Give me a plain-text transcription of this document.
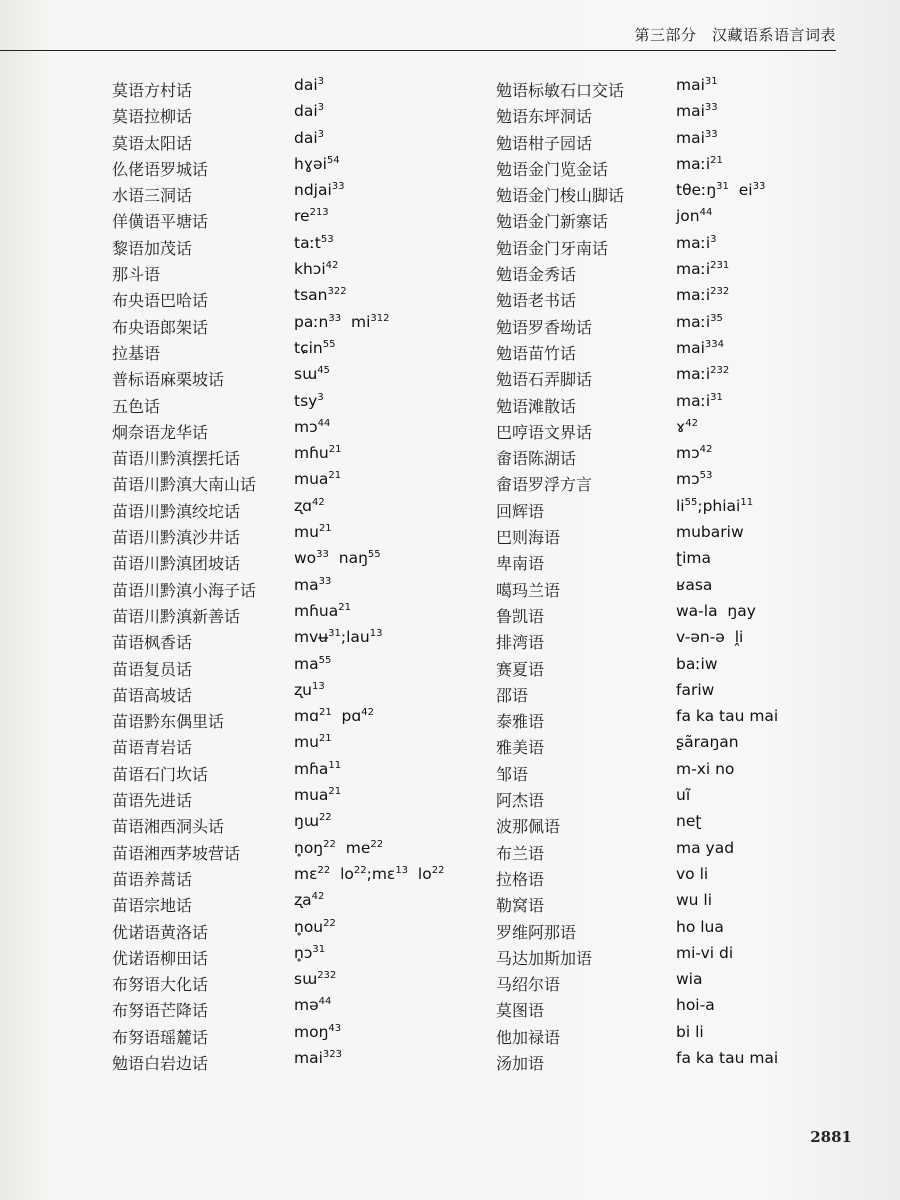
第三部分　汉藏语系语言词表
莫语方村话	dai$^3$
莫语拉柳话	dai$^3$
莫语太阳话	dai$^3$
仫佬语罗城话	hɣəi$^{54}$
水语三洞话	ndjai$^{33}$
佯僙语平塘话	$re^{213}$
黎语加茂话	taːt$^{53}$
那斗语	khɔi$^{42}$
布央语巴哈话	tsan$^{322}$
布央语郎架话	paːn$^{33}$  $mi^{312}$
拉基语	tɕin$^{55}$
普标语麻栗坡话	sɯ$^{45}$
五色话	tsy$^3$
炯奈语龙华话	mɔ$^{44}$
苗语川黔滇摆托话	mɦu$^{21}$
苗语川黔滇大南山话 mua$^{21}$
苗语川黔滇绞坨话	ʐɑ$^{42}$
苗语川黔滇沙井话	$mu^{21}$
苗语川黔滇团坡话	$wo^{33}$  naŋ$^{55}$
苗语川黔滇小海子话 $ma^{33}$
苗语川黔滇新善话	mɦua$^{21}$
苗语枫香话	mvʉ$^{31}$;lau$^{13}$
苗语复员话	$ma^{55}$
苗语高坡话	ʐu$^{13}$
苗语黔东偶里话	mɑ$^{21}$  pɑ$^{42}$
苗语青岩话	$mu^{21}$
苗语石门坎话	mɦa$^{11}$
苗语先进话	mua$^{21}$
苗语湘西洞头话	ŋɯ$^{22}$
苗语湘西茅坡营话	$n̥oŋ^{22}$  $me^{22}$
苗语养蒿话	mɛ$^{22}$  $lo^{22};mɛ^{13}$  $lo^{22}$
苗语宗地话	ʐa$^{42}$
优诺语黄洛话	$n̥ou^{22}$
优诺语柳田话	n̥ɔ$^{31}$
布努语大化话	sɯ$^{232}$
布努语芒降话	mə$^{44}$
布努语瑶麓话	moŋ$^{43}$
勉语白岩边话	mai$^{323}$
勉语标敏石口交话	mai$^{31}$
勉语东坪洞话	mai$^{33}$
勉语柑子园话	mai$^{33}$
勉语金门览金话	maːi$^{21}$
勉语金门梭山脚话	tθeːŋ$^{31}$  $ei^{33}$
勉语金门新寨话	jon$^{44}$
勉语金门牙南话	maːi$^3$
勉语金秀话	maːi$^{231}$
勉语老书话	maːi$^{232}$
勉语罗香坳话	maːi$^{35}$
勉语苗竹话	mai$^{334}$
勉语石弄脚话	maːi$^{232}$
勉语滩散话	maːi$^{31}$
巴哼语文界话	ɤ$^{42}$
畲语陈湖话	mɔ$^{42}$
畲语罗浮方言	mɔ$^{53}$
回辉语	$li^{55};phiai^{11}$
巴则海语	mubariw
卑南语	ʈima
噶玛兰语	ʁasa
鲁凯语	wa-la  ŋay
排湾语	v-ən-ə  ḽi
赛夏语	baːiw
邵语	fariw
泰雅语	fa ka tau mai
雅美语	ʂãraŋan
邹语	m-xi no
阿杰语	uĩ
波那佩语	neʈ
布兰语	ma yad
拉格语	vo li
勒窝语	wu li
罗维阿那语	ho lua
马达加斯加语	mi-vi di
马绍尔语	wia
莫图语	hoi-a
他加禄语	bi li
汤加语	fa ka tau mai
2881
